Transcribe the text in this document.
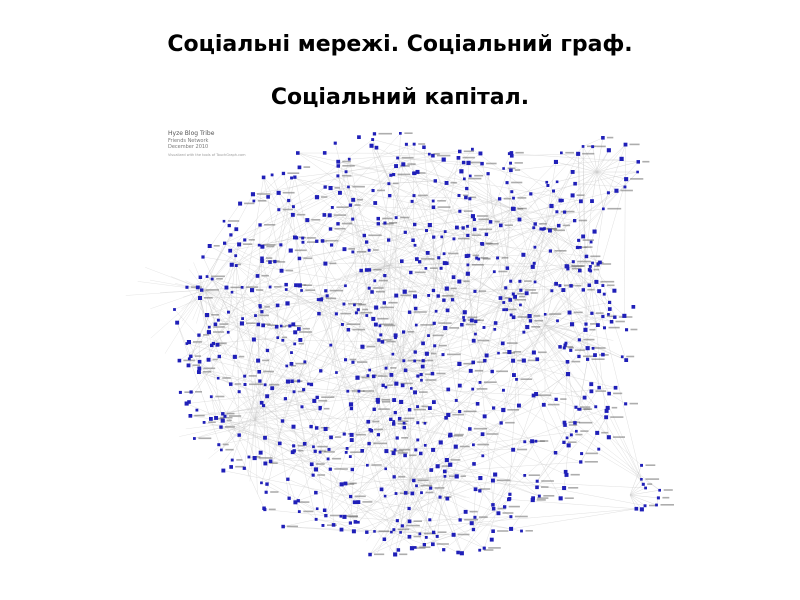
Соціальні мережі. Соціальний граф.
Соціальний капітал.
Hyze Blog Tribe
Friends Network
December 2010
Visualized with the tools of TouchGraph.com
